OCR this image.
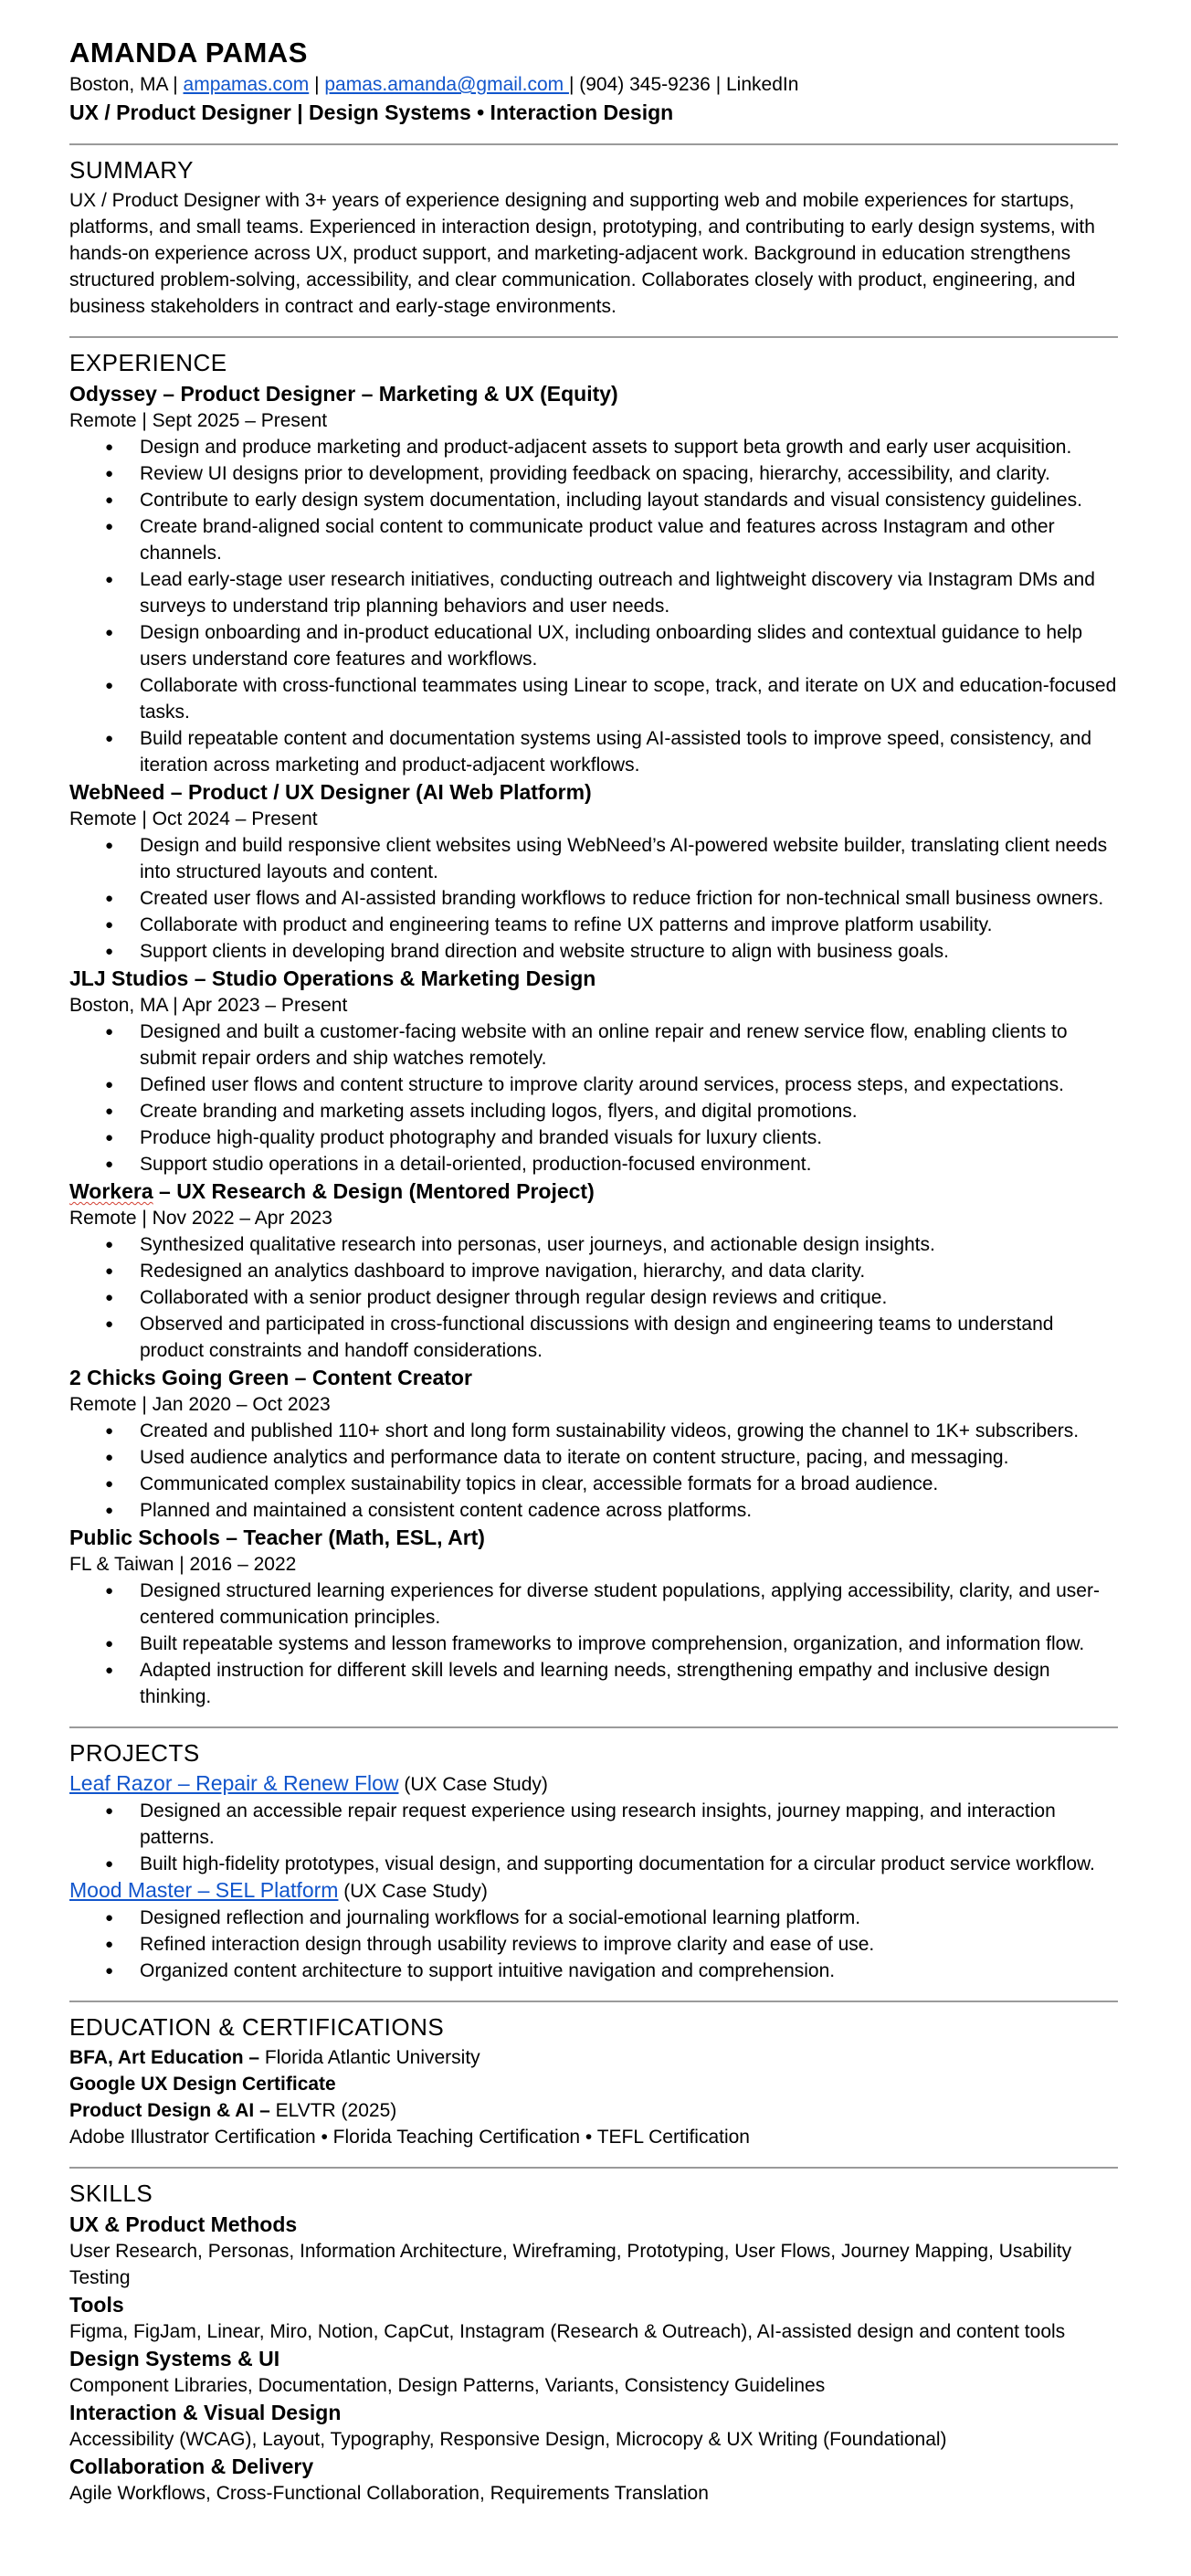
AMANDA PAMAS

Boston, MA | ampamas.com | pamas.amanda@gmail.com | (904) 345-9236 | LinkedIn

UX / Product Designer | Design Systems • Interaction Design

SUMMARY

UX / Product Designer with 3+ years of experience designing and supporting web and mobile experiences for startups, platforms, and small teams. Experienced in interaction design, prototyping, and contributing to early design systems, with hands-on experience across UX, product support, and marketing-adjacent work. Background in education strengthens structured problem-solving, accessibility, and clear communication. Collaborates closely with product, engineering, and business stakeholders in contract and early-stage environments.

EXPERIENCE

Odyssey – Product Designer – Marketing & UX (Equity)

Remote | Sept 2025 – Present

● Design and produce marketing and product-adjacent assets to support beta growth and early user acquisition.
● Review UI designs prior to development, providing feedback on spacing, hierarchy, accessibility, and clarity.
● Contribute to early design system documentation, including layout standards and visual consistency guidelines.
● Create brand-aligned social content to communicate product value and features across Instagram and other channels.
● Lead early-stage user research initiatives, conducting outreach and lightweight discovery via Instagram DMs and surveys to understand trip planning behaviors and user needs.
● Design onboarding and in-product educational UX, including onboarding slides and contextual guidance to help users understand core features and workflows.
● Collaborate with cross-functional teammates using Linear to scope, track, and iterate on UX and education-focused tasks.
● Build repeatable content and documentation systems using AI-assisted tools to improve speed, consistency, and iteration across marketing and product-adjacent workflows.

WebNeed – Product / UX Designer (AI Web Platform)

Remote | Oct 2024 – Present

● Design and build responsive client websites using WebNeed’s AI-powered website builder, translating client needs into structured layouts and content.
● Created user flows and AI-assisted branding workflows to reduce friction for non-technical small business owners.
● Collaborate with product and engineering teams to refine UX patterns and improve platform usability.
● Support clients in developing brand direction and website structure to align with business goals.

JLJ Studios – Studio Operations & Marketing Design

Boston, MA | Apr 2023 – Present

● Designed and built a customer-facing website with an online repair and renew service flow, enabling clients to submit repair orders and ship watches remotely.
● Defined user flows and content structure to improve clarity around services, process steps, and expectations.
● Create branding and marketing assets including logos, flyers, and digital promotions.
● Produce high-quality product photography and branded visuals for luxury clients.
● Support studio operations in a detail-oriented, production-focused environment.

Workera – UX Research & Design (Mentored Project)

Remote | Nov 2022 – Apr 2023

● Synthesized qualitative research into personas, user journeys, and actionable design insights.
● Redesigned an analytics dashboard to improve navigation, hierarchy, and data clarity.
● Collaborated with a senior product designer through regular design reviews and critique.
● Observed and participated in cross-functional discussions with design and engineering teams to understand product constraints and handoff considerations.

2 Chicks Going Green – Content Creator

Remote | Jan 2020 – Oct 2023

● Created and published 110+ short and long form sustainability videos, growing the channel to 1K+ subscribers.
● Used audience analytics and performance data to iterate on content structure, pacing, and messaging.
● Communicated complex sustainability topics in clear, accessible formats for a broad audience.
● Planned and maintained a consistent content cadence across platforms.

Public Schools – Teacher (Math, ESL, Art)

FL & Taiwan | 2016 – 2022

● Designed structured learning experiences for diverse student populations, applying accessibility, clarity, and user-centered communication principles.
● Built repeatable systems and lesson frameworks to improve comprehension, organization, and information flow.
● Adapted instruction for different skill levels and learning needs, strengthening empathy and inclusive design thinking.
PROJECTS

Leaf Razor – Repair & Renew Flow (UX Case Study)

● Designed an accessible repair request experience using research insights, journey mapping, and interaction patterns.
● Built high-fidelity prototypes, visual design, and supporting documentation for a circular product service workflow.

Mood Master – SEL Platform (UX Case Study)

● Designed reflection and journaling workflows for a social-emotional learning platform.
● Refined interaction design through usability reviews to improve clarity and ease of use.
● Organized content architecture to support intuitive navigation and comprehension.
EDUCATION & CERTIFICATIONS

BFA, Art Education – Florida Atlantic University

Google UX Design Certificate

Product Design & AI – ELVTR (2025)

Adobe Illustrator Certification • Florida Teaching Certification • TEFL Certification

SKILLS

UX & Product Methods

User Research, Personas, Information Architecture, Wireframing, Prototyping, User Flows, Journey Mapping, Usability Testing

Tools

Figma, FigJam, Linear, Miro, Notion, CapCut, Instagram (Research & Outreach), AI-assisted design and content tools

Design Systems & UI

Component Libraries, Documentation, Design Patterns, Variants, Consistency Guidelines

Interaction & Visual Design

Accessibility (WCAG), Layout, Typography, Responsive Design, Microcopy & UX Writing (Foundational)

Collaboration & Delivery

Agile Workflows, Cross-Functional Collaboration, Requirements Translation
